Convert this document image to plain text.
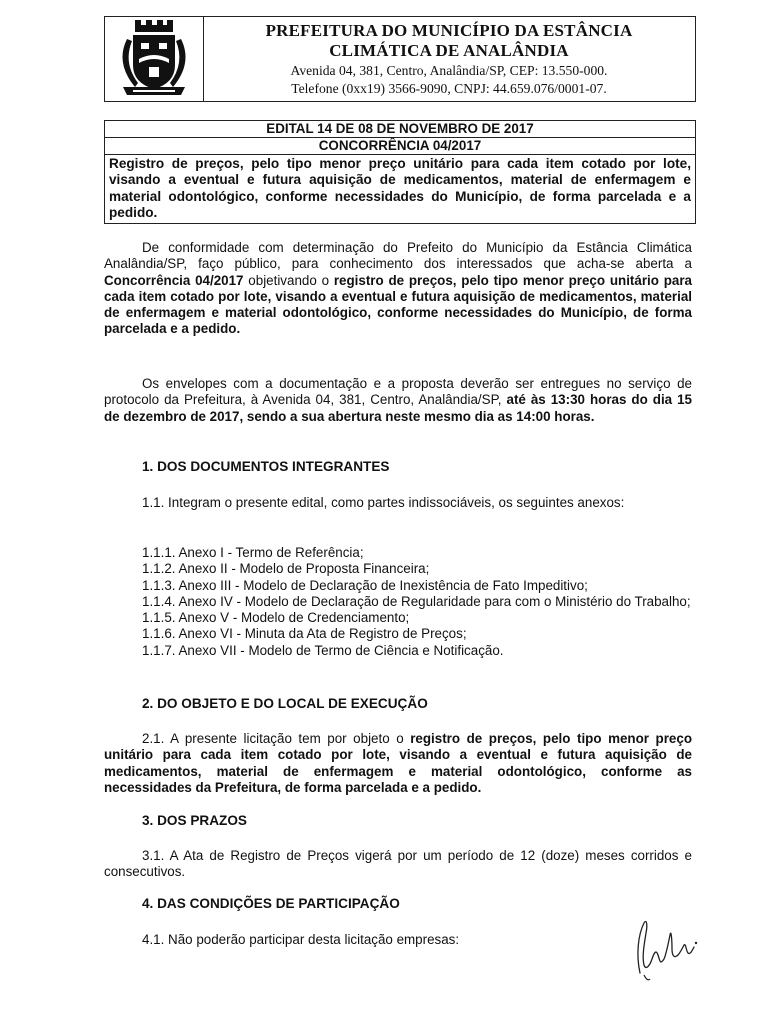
PREFEITURA DO MUNICÍPIO DA ESTÂNCIA
CLIMÁTICA DE ANALÂNDIA
Avenida 04, 381, Centro, Analândia/SP, CEP: 13.550-000.
Telefone (0xx19) 3566-9090, CNPJ: 44.659.076/0001-07.
EDITAL 14 DE 08 DE NOVEMBRO DE 2017
CONCORRÊNCIA 04/2017
Registro de preços, pelo tipo menor preço unitário para cada item cotado por lote, visando a eventual e futura aquisição de medicamentos, material de enfermagem e material odontológico, conforme necessidades do Município, de forma parcelada e a pedido.

De conformidade com determinação do Prefeito do Município da Estância Climática Analândia/SP, faço público, para conhecimento dos interessados que acha-se aberta a Concorrência 04/2017 objetivando o registro de preços, pelo tipo menor preço unitário para cada item cotado por lote, visando a eventual e futura aquisição de medicamentos, material de enfermagem e material odontológico, conforme necessidades do Município, de forma parcelada e a pedido.

Os envelopes com a documentação e a proposta deverão ser entregues no serviço de protocolo da Prefeitura, à Avenida 04, 381, Centro, Analândia/SP, até às 13:30 horas do dia 15 de dezembro de 2017, sendo a sua abertura neste mesmo dia as 14:00 horas.

1. DOS DOCUMENTOS INTEGRANTES

1.1. Integram o presente edital, como partes indissociáveis, os seguintes anexos:

1.1.1. Anexo I - Termo de Referência;

1.1.2. Anexo II - Modelo de Proposta Financeira;

1.1.3. Anexo III - Modelo de Declaração de Inexistência de Fato Impeditivo;

1.1.4. Anexo IV - Modelo de Declaração de Regularidade para com o Ministério do Trabalho;

1.1.5. Anexo V - Modelo de Credenciamento;

1.1.6. Anexo VI - Minuta da Ata de Registro de Preços;

1.1.7. Anexo VII - Modelo de Termo de Ciência e Notificação.

2. DO OBJETO E DO LOCAL DE EXECUÇÃO

2.1. A presente licitação tem por objeto o registro de preços, pelo tipo menor preço unitário para cada item cotado por lote, visando a eventual e futura aquisição de medicamentos, material de enfermagem e material odontológico, conforme as necessidades da Prefeitura, de forma parcelada e a pedido.

3. DOS PRAZOS

3.1. A Ata de Registro de Preços vigerá por um período de 12 (doze) meses corridos e consecutivos.

4. DAS CONDIÇÕES DE PARTICIPAÇÃO

4.1. Não poderão participar desta licitação empresas:
